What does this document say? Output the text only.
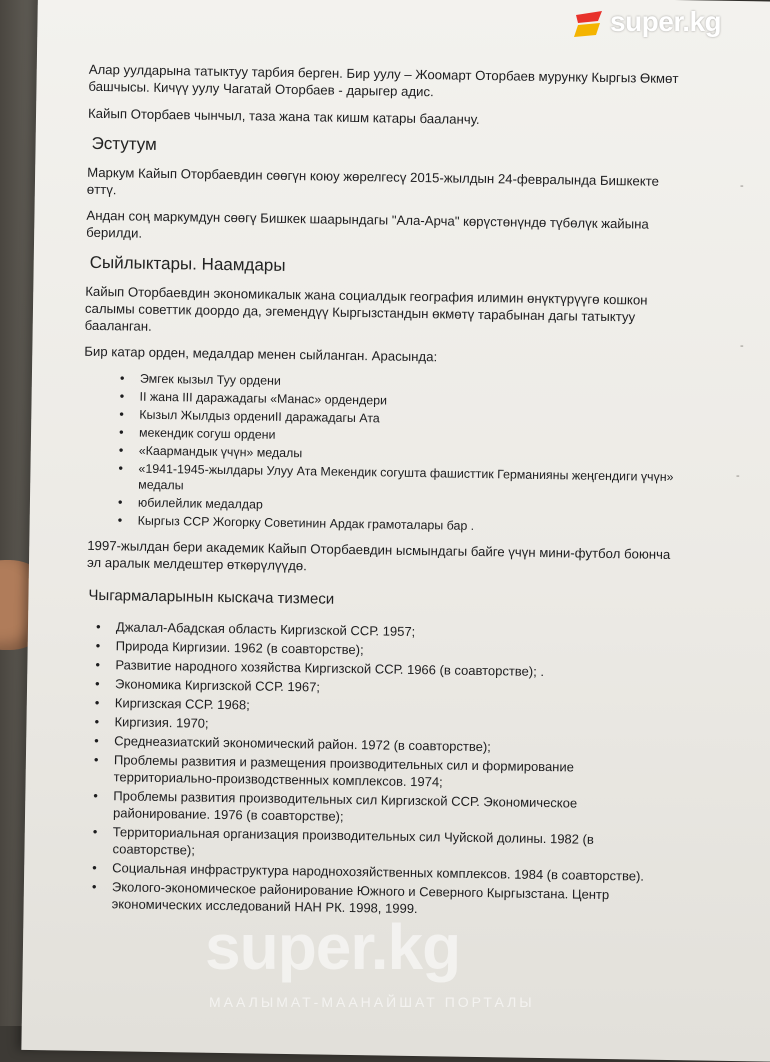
Алар уулдарына татыктуу тарбия берген. Бир уулу – Жоомарт Оторбаев мурунку Кыргыз Өкмөт башчысы. Кичүү уулу Чагатай Оторбаев - дарыгер адис.

Кайып Оторбаев чынчыл, таза жана так кишм катары бааланчу.

Эстутум

Маркум Кайып Оторбаевдин сөөгүн коюу жөрелгесү 2015-жылдын 24-февралында Бишкекте өттү.

Андан соң маркумдун сөөгү Бишкек шаарындагы "Ала-Арча" көрүстөнүндө түбөлүк жайына берилди.

Сыйлыктары. Наамдары

Кайып Оторбаевдин экономикалык жана социалдык география илимин өнүктүрүүгө кошкон салымы советтик доордо да, эгемендүү Кыргызстандын өкмөтү тарабынан дагы татыктуу бааланган.

Бир катар орден, медалдар менен сыйланган. Арасында:

• Эмгек кызыл Туу ордени
• II жана III даражадагы «Манас» ордендери
• Кызыл Жылдыз ордениII даражадагы Ата
• мекендик согуш ордени
• «Каармандык үчүн» медалы
• «1941-1945-жылдары Улуу Ата Мекендик согушта фашисттик Германияны жеңгендиги үчүн» медалы
• юбилейлик медалдар
• Кыргыз ССР Жогорку Советинин Ардак грамоталары бар .

1997-жылдан бери академик Кайып Оторбаевдин ысмындагы байге үчүн мини-футбол боюнча эл аралык мелдештер өткөрүлүүдө.

Чыгармаларынын кыскача тизмеси
• Джалал-Абадская область Киргизской ССР. 1957;
• Природа Киргизии. 1962 (в соавторстве);
• Развитие народного хозяйства Киргизской ССР. 1966 (в соавторстве); .
• Экономика Киргизской ССР. 1967;
• Киргизская ССР. 1968;
• Киргизия. 1970;
• Среднеазиатский экономический район. 1972 (в соавторстве);
• Проблемы развития и размещения производительных сил и формирование территориально-производственных комплексов. 1974;
• Проблемы развития производительных сил Киргизской ССР. Экономическое районирование. 1976 (в соавторстве);
• Территориальная организация производительных сил Чуйской долины. 1982 (в соавторстве);
• Социальная инфраструктура народнохозяйственных комплексов. 1984 (в соавторстве).
• Эколого-экономическое районирование Южного и Северного Кыргызстана. Центр экономических исследований НАН РК. 1998, 1999.
super.kg
super.kg
МААЛЫМАТ-МААНАЙШАТ ПОРТАЛЫ
-
-
-
